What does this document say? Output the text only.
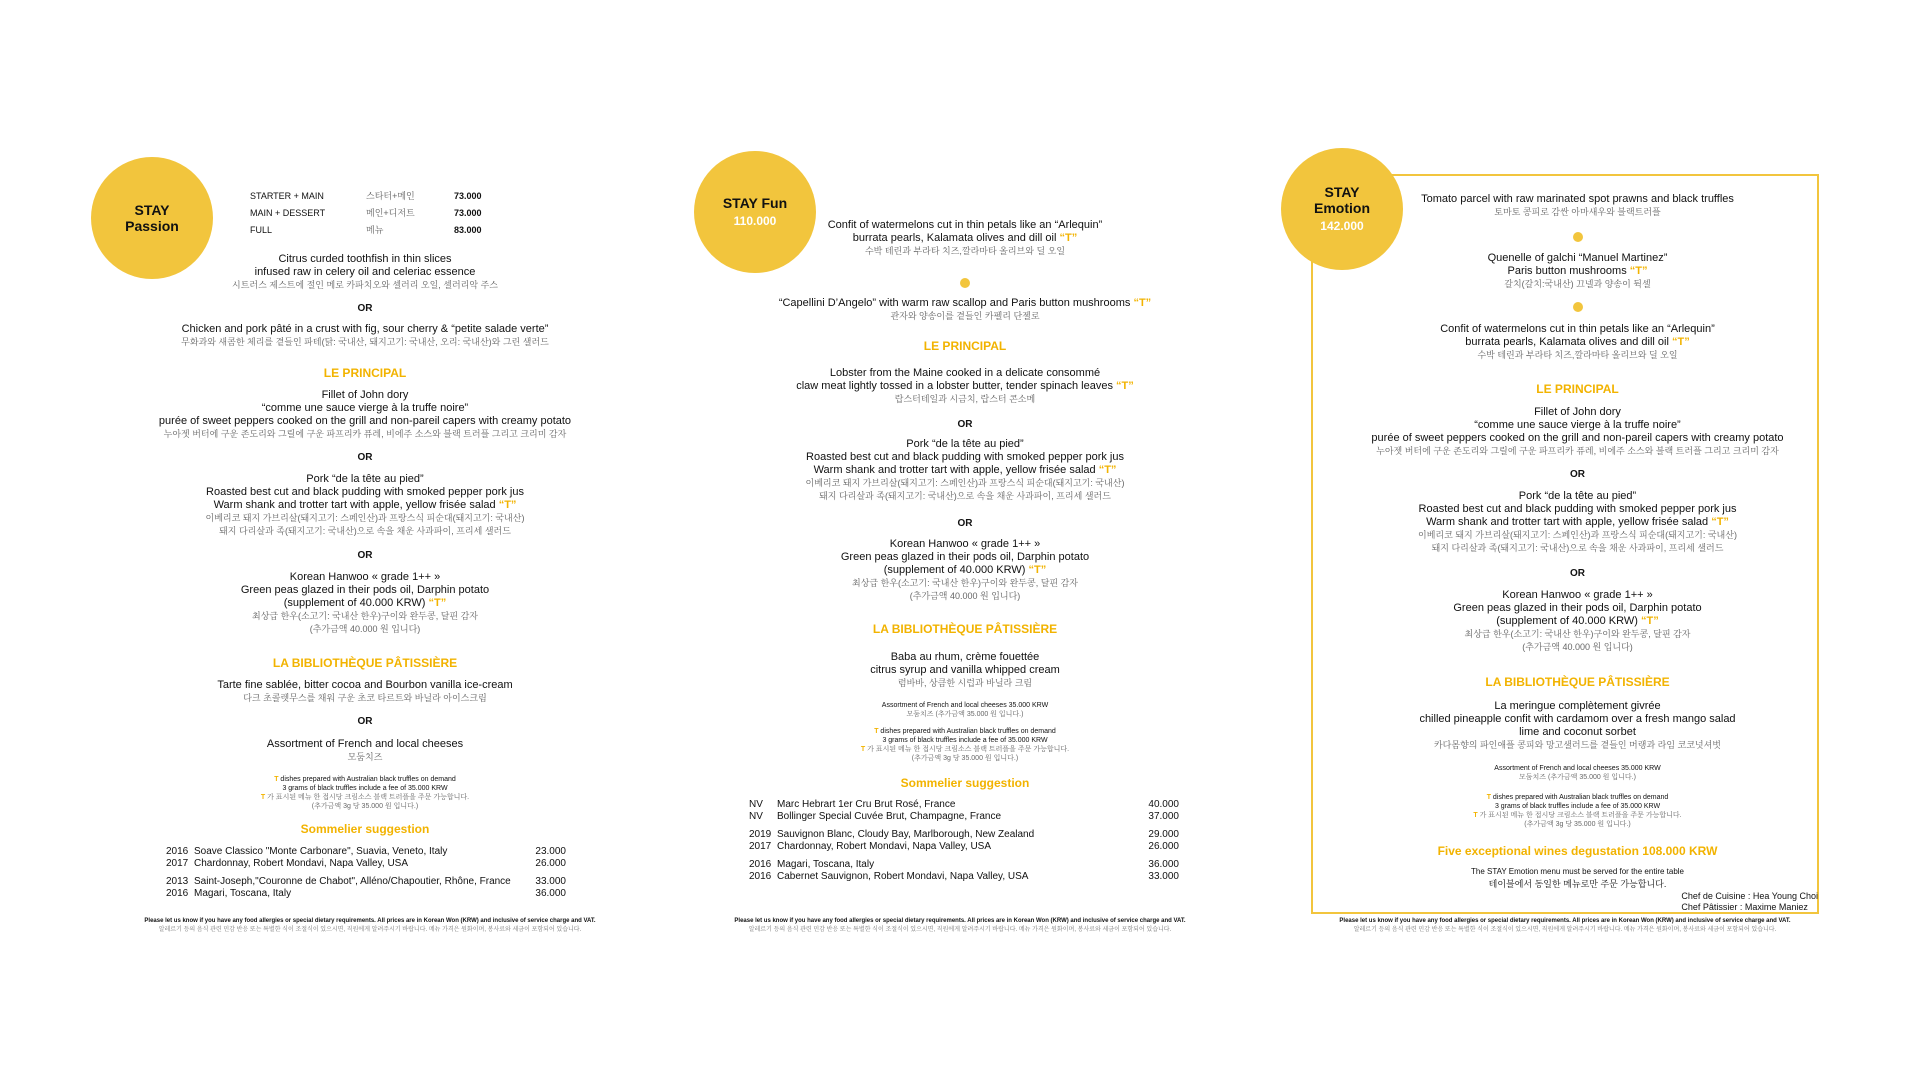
STAY
Passion
STARTER + MAIN	스타터+메인	73.000
MAIN + DESSERT	메인+디저트	73.000
FULL	메뉴	83.000
Citrus curded toothfish in thin slices
infused raw in celery oil and celeriac essence
시트러스 제스트에 절인 메로 카파치오와 셀러리 오일, 셀러리악 주스
OR
Chicken and pork pâté in a crust with fig, sour cherry & “petite salade verte”
무화과와 새콤한 체리를 곁들인 파테(닭: 국내산, 돼지고기: 국내산, 오리: 국내산)와 그린 샐러드
LE PRINCIPAL
Fillet of John dory
“comme une sauce vierge à la truffe noire”
purée of sweet peppers cooked on the grill and non-pareil capers with creamy potato
누아젯 버터에 구운 존도리와 그릴에 구운 파프리카 퓨레, 비에주 소스와 블랙 트러플 그리고 크리미 감자
OR
Pork “de la tête au pied”
Roasted best cut and black pudding with smoked pepper pork jus
Warm shank and trotter tart with apple, yellow frisée salad “T”
이베리코 돼지 가브리살(돼지고기: 스페인산)과 프랑스식 피순대(돼지고기: 국내산)
돼지 다리살과 족(돼지고기: 국내산)으로 속을 채운 사과파이, 프리세 샐러드
OR
Korean Hanwoo « grade 1++ »
Green peas glazed in their pods oil, Darphin potato
(supplement of 40.000 KRW) “T”
최상급 한우(소고기: 국내산 한우)구이와 완두콩, 달핀 감자
(추가금액 40.000 원 입니다)
LA BIBLIOTHÈQUE PÂTISSIÈRE
Tarte fine sablée, bitter cocoa and Bourbon vanilla ice-cream
다크 초콜렛무스를 채워 구운 초코 타르트와 바닐라 아이스크림
OR
Assortment of French and local cheeses
모둠치즈
T dishes prepared with Australian black truffles on demand
3 grams of black truffles include a fee of 35.000 KRW
T 가 표시된 메뉴 한 접시당 크림소스 블랙 트러플을 주문 가능합니다.
(추가금액 3g 당 35.000 원 입니다.)
Sommelier suggestion
2016 Soave Classico "Monte Carbonare", Suavia, Veneto, Italy	23.000
2017 Chardonnay, Robert Mondavi, Napa Valley, USA	26.000
2013 Saint-Joseph,"Couronne de Chabot", Alléno/Chapoutier, Rhône, France	33.000
2016 Magari, Toscana, Italy	36.000
Please let us know if you have any food allergies or special dietary requirements. All prices are in Korean Won (KRW) and inclusive of service charge and VAT.
알레르기 등의 음식 관련 민감 반응 또는 특별한 식이 조절식이 있으시면, 직원에게 알려주시기 바랍니다. 메뉴 가격은 원화이며, 봉사료와 세금이 포함되어 있습니다.
STAY Fun
110.000	Confit of watermelons cut in thin petals like an “Arlequin”
burrata pearls, Kalamata olives and dill oil “T”
수박 테린과 부라타 치즈,깔라마타 올리브와 딜 오일
“Capellini D’Angelo” with warm raw scallop and Paris button mushrooms “T”
관자와 양송이를 곁들인 카펠리 단젤로
LE PRINCIPAL
Lobster from the Maine cooked in a delicate consommé
claw meat lightly tossed in a lobster butter, tender spinach leaves “T”
랍스터테일과 시금치, 랍스터 콘소메
OR
Pork “de la tête au pied”
Roasted best cut and black pudding with smoked pepper pork jus
Warm shank and trotter tart with apple, yellow frisée salad “T”
이베리코 돼지 가브리살(돼지고기: 스페인산)과 프랑스식 피순대(돼지고기: 국내산)
돼지 다리살과 족(돼지고기: 국내산)으로 속을 채운 사과파이, 프리세 샐러드
OR
Korean Hanwoo « grade 1++ »
Green peas glazed in their pods oil, Darphin potato
(supplement of 40.000 KRW) “T”
최상급 한우(소고기: 국내산 한우)구이와 완두콩, 달핀 감자
(추가금액 40.000 원 입니다)
LA BIBLIOTHÈQUE PÂTISSIÈRE
Baba au rhum, crème fouettée
citrus syrup and vanilla whipped cream
럼바바, 상큼한 시럽과 바닐라 크림
Assortment of French and local cheeses 35.000 KRW
모둠치즈 (추가금액 35.000 원 입니다.)
T dishes prepared with Australian black truffles on demand
3 grams of black truffles include a fee of 35.000 KRW
T 가 표시된 메뉴 한 접시당 크림소스 블랙 트러플을 주문 가능합니다.
(추가금액 3g 당 35.000 원 입니다.)
Sommelier suggestion
NV	Marc Hebrart 1er Cru Brut Rosé, France	40.000
NV	Bollinger Special Cuvée Brut, Champagne, France	37.000
2019 Sauvignon Blanc, Cloudy Bay, Marlborough, New Zealand	29.000
2017 Chardonnay, Robert Mondavi, Napa Valley, USA	26.000
2016 Magari, Toscana, Italy	36.000
2016 Cabernet Sauvignon, Robert Mondavi, Napa Valley, USA	33.000
Please let us know if you have any food allergies or special dietary requirements. All prices are in Korean Won (KRW) and inclusive of service charge and VAT.
알레르기 등의 음식 관련 민감 반응 또는 특별한 식이 조절식이 있으시면, 직원에게 알려주시기 바랍니다. 메뉴 가격은 원화이며, 봉사료와 세금이 포함되어 있습니다.
STAY
Emotion
142.000
Tomato parcel with raw marinated spot prawns and black truffles
토마토 콩피로 감싼 아마새우와 블랙트러플
Quenelle of galchi “Manuel Martinez”
Paris button mushrooms “T”
갈치(갈치:국내산) 끄넬과 양송이 뒥셀
Confit of watermelons cut in thin petals like an “Arlequin”
burrata pearls, Kalamata olives and dill oil “T”
수박 테린과 부라타 치즈,깔라마타 올리브와 딜 오일
LE PRINCIPAL
Fillet of John dory
“comme une sauce vierge à la truffe noire”
purée of sweet peppers cooked on the grill and non-pareil capers with creamy potato
누아젯 버터에 구운 존도리와 그릴에 구운 파프리카 퓨레, 비에주 소스와 블랙 트러플 그리고 크리미 감자
OR
Pork “de la tête au pied”
Roasted best cut and black pudding with smoked pepper pork jus
Warm shank and trotter tart with apple, yellow frisée salad “T”
이베리코 돼지 가브리살(돼지고기: 스페인산)과 프랑스식 피순대(돼지고기: 국내산)
돼지 다리살과 족(돼지고기: 국내산)으로 속을 채운 사과파이, 프리세 샐러드
OR
Korean Hanwoo « grade 1++ »
Green peas glazed in their pods oil, Darphin potato
(supplement of 40.000 KRW) “T”
최상급 한우(소고기: 국내산 한우)구이와 완두콩, 달핀 감자
(추가금액 40.000 원 입니다)
LA BIBLIOTHÈQUE PÂTISSIÈRE
La meringue complètement givrée
chilled pineapple confit with cardamom over a fresh mango salad
lime and coconut sorbet
카다몸향의 파인애플 콩피와 망고샐러드를 곁들인 머랭과 라임 코코넛셔벗
Assortment of French and local cheeses 35.000 KRW
모둠치즈 (추가금액 35.000 원 입니다.)
T dishes prepared with Australian black truffles on demand
3 grams of black truffles include a fee of 35.000 KRW
T 가 표시된 메뉴 한 접시당 크림소스 블랙 트러플을 주문 가능합니다.
(추가금액 3g 당 35.000 원 입니다.)
Five exceptional wines degustation 108.000 KRW
The STAY Emotion menu must be served for the entire table
테이블에서 동일한 메뉴로만 주문 가능합니다.
Chef de Cuisine : Hea Young Choi
Chef Pâtissier : Maxime Maniez
Please let us know if you have any food allergies or special dietary requirements. All prices are in Korean Won (KRW) and inclusive of service charge and VAT.
알레르기 등의 음식 관련 민감 반응 또는 특별한 식이 조절식이 있으시면, 직원에게 알려주시기 바랍니다. 메뉴 가격은 원화이며, 봉사료와 세금이 포함되어 있습니다.
